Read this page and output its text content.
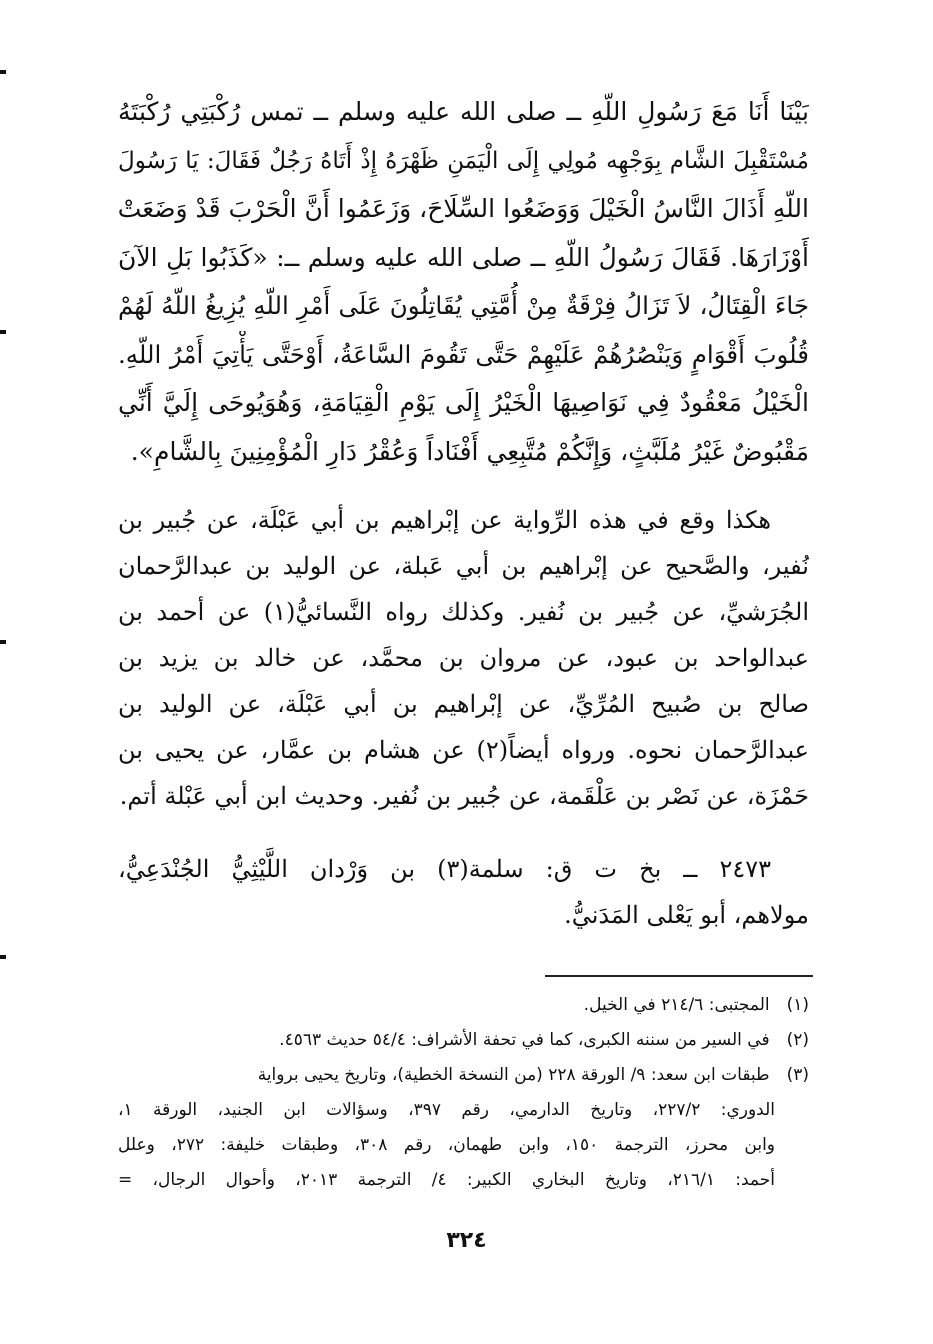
بَيْنَا أَنَا مَعَ رَسُولِ اللّهِ ــ صلى الله عليه وسلم ــ تمس رُكْبَتِي رُكْبَتَهُ
مُسْتَقْبِلَ الشَّام بِوَجْهِه مُولِي إِلَى الْيَمَنِ ظَهْرَهُ إِذْ أَتَاهُ رَجُلٌ فَقَالَ: يَا رَسُولَ
اللّهِ أَذَالَ النَّاسُ الْخَيْلَ وَوَضَعُوا السِّلَاحَ، وَزَعَمُوا أَنَّ الْحَرْبَ قَدْ وَضَعَتْ
أَوْزَارَهَا. فَقَالَ رَسُولُ اللّهِ ــ صلى الله عليه وسلم ــ: «كَذَبُوا بَلِ الآنَ
جَاءَ الْقِتَالُ، لاَ تَزَالُ فِرْقَةٌ مِنْ أُمَّتِي يُقَاتِلُونَ عَلَى أَمْرِ اللّهِ يُزِيغُ اللّهُ لَهُمْ
قُلُوبَ أَقْوَامٍ وَيَنْصُرُهُمْ عَلَيْهِمْ حَتَّى تَقُومَ السَّاعَةُ، أَوْحَتَّى يَأْتِيَ أَمْرُ اللّهِ.
الْخَيْلُ مَعْقُودٌ فِي نَوَاصِيهَا الْخَيْرُ إِلَى يَوْمِ الْقِيَامَةِ، وَهُوَيُوحَى إِلَيَّ أَنِّي
مَقْبُوضٌ غَيْرُ مُلَبَّثٍ، وَإِنَّكُمْ مُتَّبِعِي أَفْنَاداً وَعُقْرُ دَارِ الْمُؤْمِنِينَ بِالشَّامِ».
هكذا وقع في هذه الرِّواية عن إبْراهيم بن أبي عَبْلَة، عن جُبير بن
نُفير، والصَّحيح عن إبْراهيم بن أبي عَبلة، عن الوليد بن عبدالرَّحمان
الجُرَشيِّ، عن جُبير بن نُفير. وكذلك رواه النَّسائيُّ(١) عن أحمد بن
عبدالواحد بن عبود، عن مروان بن محمَّد، عن خالد بن يزيد بن
صالح بن صُبيح المُرِّيِّ، عن إبْراهيم بن أبي عَبْلَة، عن الوليد بن
عبدالرَّحمان نحوه. ورواه أيضاً(٢) عن هشام بن عمَّار، عن يحيى بن
حَمْزَة، عن نَصْر بن عَلْقَمة، عن جُبير بن نُفير. وحديث ابن أبي عَبْلة أتم.
٢٤٧٣ ــ بخ ت ق: سلمة(٣) بن وَرْدان اللَّيْثِيُّ الجُنْدَعِيُّ،
مولاهم، أبو يَعْلى المَدَنيُّ.
(١) المجتبى: ٢١٤/٦ في الخيل.
(٢) في السير من سننه الكبرى، كما في تحفة الأشراف: ٥٤/٤ حديث ٤٥٦٣.
(٣) طبقات ابن سعد: ٩/ الورقة ٢٢٨ (من النسخة الخطية)، وتاريخ يحيى برواية
الدوري: ٢٢٧/٢، وتاريخ الدارمي، رقم ٣٩٧، وسؤالات ابن الجنيد، الورقة ١،
وابن محرز، الترجمة ١٥٠، وابن طهمان، رقم ٣٠٨، وطبقات خليفة: ٢٧٢، وعلل
أحمد: ٢١٦/١، وتاريخ البخاري الكبير: ٤/ الترجمة ٢٠١٣، وأحوال الرجال، =
٣٢٤
